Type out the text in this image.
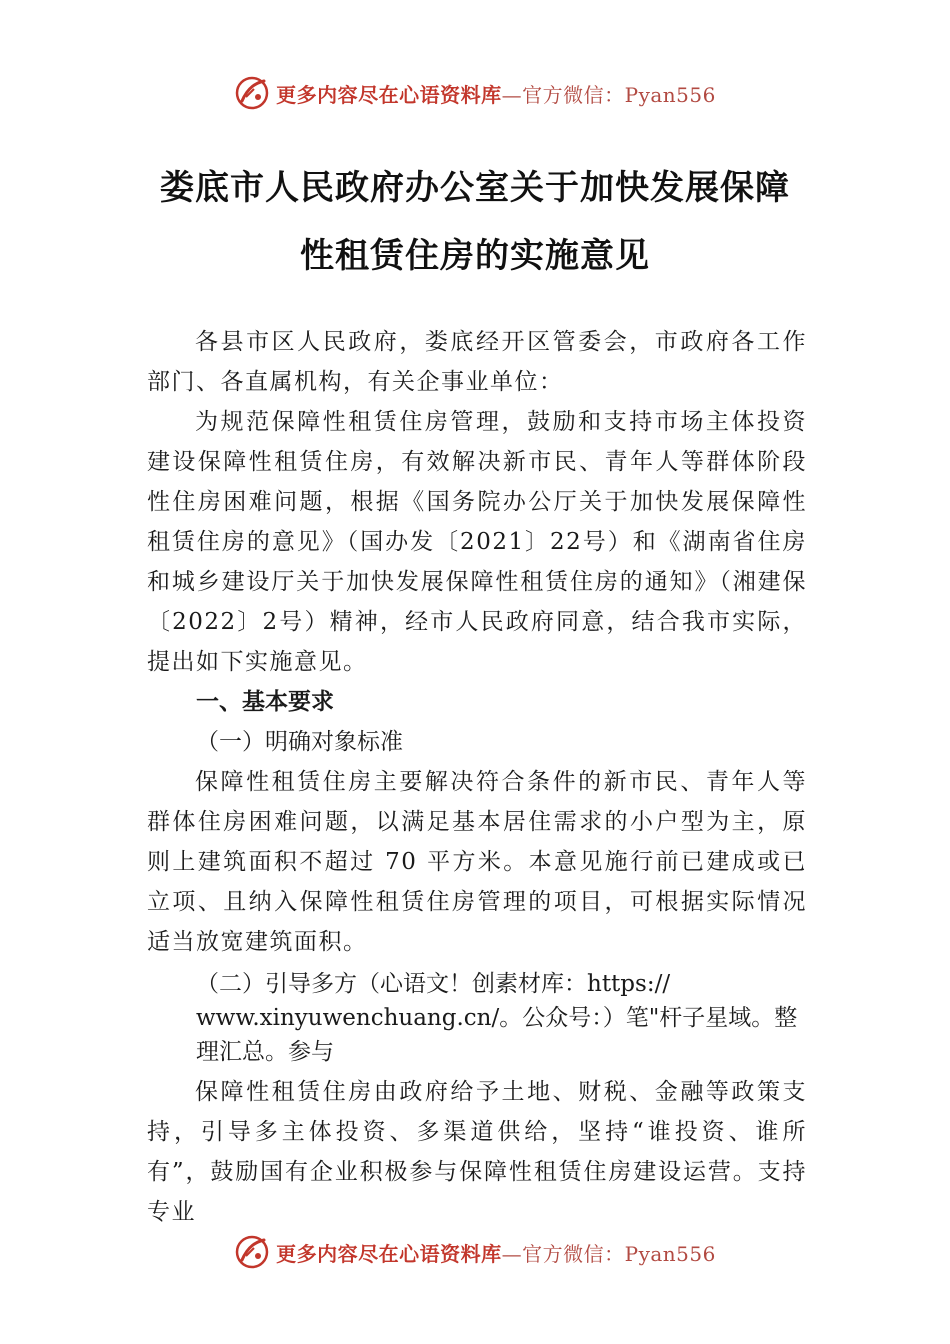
更多内容尽在心语资料库—官方微信：Pyan556
娄底市人民政府办公室关于加快发展保障
性租赁住房的实施意见

各县市区人民政府，娄底经开区管委会，市政府各工作部门、各直属机构，有关企事业单位：

为规范保障性租赁住房管理，鼓励和支持市场主体投资建设保障性租赁住房，有效解决新市民、青年人等群体阶段性住房困难问题，根据《国务院办公厅关于加快发展保障性租赁住房的意见》（国办发〔2021〕22号）和《湖南省住房和城乡建设厅关于加快发展保障性租赁住房的通知》（湘建保〔2022〕2号）精神，经市人民政府同意，结合我市实际，提出如下实施意见。

一、基本要求

（一）明确对象标准

保障性租赁住房主要解决符合条件的新市民、青年人等群体住房困难问题，以满足基本居住需求的小户型为主，原则上建筑面积不超过 70 平方米。本意见施行前已建成或已立项、且纳入保障性租赁住房管理的项目，可根据实际情况适当放宽建筑面积。

（二）引导多方（心语文！创素材库：https://

www.xinyuwenchuang.cn/。公众号：）笔"杆子星域。整

理汇总。参与

保障性租赁住房由政府给予土地、财税、金融等政策支持，引导多主体投资、多渠道供给，坚持“谁投资、谁所有”，鼓励国有企业积极参与保障性租赁住房建设运营。支持专业

更多内容尽在心语资料库—官方微信：Pyan556
